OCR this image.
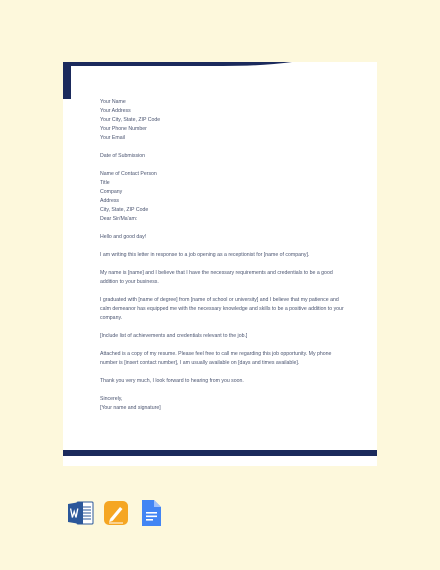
Your Name
Your Address
Your City, State, ZIP Code
Your Phone Number
Your Email
Date of Submission
Name of Contact Person
Title
Company
Address
City, State, ZIP Code
Dear Sir/Ma'am:
Hello and good day!
I am writing this letter in response to a job opening as a receptionist for [name of company].
My name is [name] and I believe that I have the necessary requirements and credentials to be a good addition to your business.
I graduated with [name of degree] from [name of school or university] and I believe that my patience and calm demeanor has equipped me with the necessary knowledge and skills to be a positive addition to your company.
[Include list of achievements and credentials relevant to the job.]
Attached is a copy of my resume. Please feel free to call me regarding this job opportunity. My phone number is [insert contact number], I am usually available on [days and times available].
Thank you very much, I look forward to hearing from you soon.
Sincerely,
[Your name and signature]
